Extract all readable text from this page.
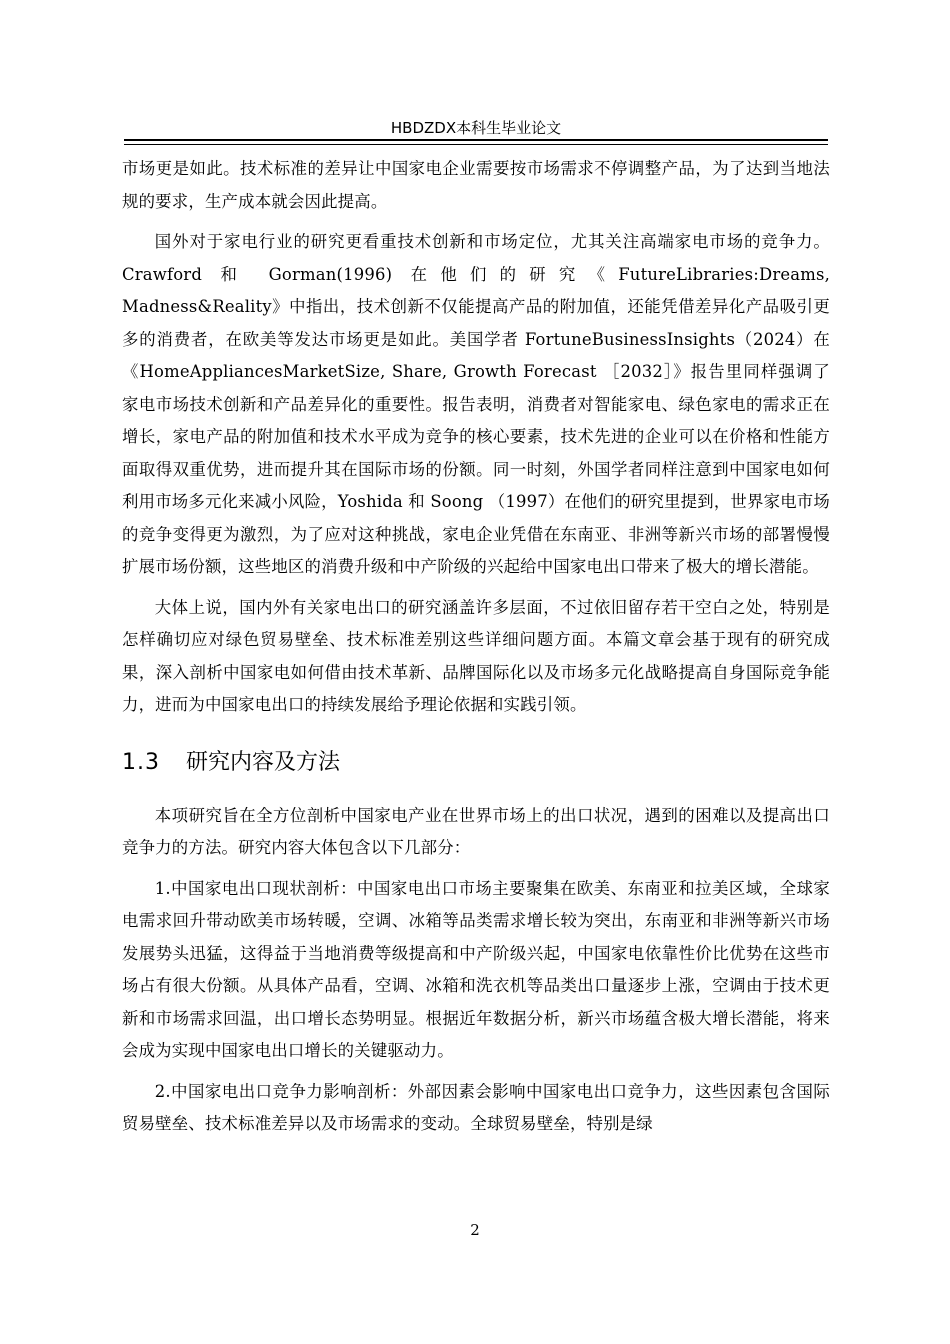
HBDZDX本科生毕业论文

市场更是如此。技术标准的差异让中国家电企业需要按市场需求不停调整产品，为了达到当地法规的要求，生产成本就会因此提高。

国外对于家电行业的研究更看重技术创新和市场定位，尤其关注高端家电市场的竞争力。Crawford 和 Gorman(1996) 在他们的研究《FutureLibraries:Dreams, Madness&Reality》中指出，技术创新不仅能提高产品的附加值，还能凭借差异化产品吸引更多的消费者，在欧美等发达市场更是如此。美国学者 FortuneBusinessInsights（2024）在《HomeAppliancesMarketSize, Share, Growth Forecast ［2032］》报告里同样强调了家电市场技术创新和产品差异化的重要性。报告表明，消费者对智能家电、绿色家电的需求正在增长，家电产品的附加值和技术水平成为竞争的核心要素，技术先进的企业可以在价格和性能方面取得双重优势，进而提升其在国际市场的份额。同一时刻，外国学者同样注意到中国家电如何利用市场多元化来减小风险，Yoshida 和 Soong （1997）在他们的研究里提到，世界家电市场的竞争变得更为激烈，为了应对这种挑战，家电企业凭借在东南亚、非洲等新兴市场的部署慢慢扩展市场份额，这些地区的消费升级和中产阶级的兴起给中国家电出口带来了极大的增长潜能。

大体上说，国内外有关家电出口的研究涵盖许多层面，不过依旧留存若干空白之处，特别是怎样确切应对绿色贸易壁垒、技术标准差别这些详细问题方面。本篇文章会基于现有的研究成果，深入剖析中国家电如何借由技术革新、品牌国际化以及市场多元化战略提高自身国际竞争能力，进而为中国家电出口的持续发展给予理论依据和实践引领。

1.3 研究内容及方法

本项研究旨在全方位剖析中国家电产业在世界市场上的出口状况，遇到的困难以及提高出口竞争力的方法。研究内容大体包含以下几部分：

1.中国家电出口现状剖析：中国家电出口市场主要聚集在欧美、东南亚和拉美区域，全球家电需求回升带动欧美市场转暖，空调、冰箱等品类需求增长较为突出，东南亚和非洲等新兴市场发展势头迅猛，这得益于当地消费等级提高和中产阶级兴起，中国家电依靠性价比优势在这些市场占有很大份额。从具体产品看，空调、冰箱和洗衣机等品类出口量逐步上涨，空调由于技术更新和市场需求回温，出口增长态势明显。根据近年数据分析，新兴市场蕴含极大增长潜能，将来会成为实现中国家电出口增长的关键驱动力。

2.中国家电出口竞争力影响剖析：外部因素会影响中国家电出口竞争力，这些因素包含国际贸易壁垒、技术标准差异以及市场需求的变动。全球贸易壁垒，特别是绿

2
